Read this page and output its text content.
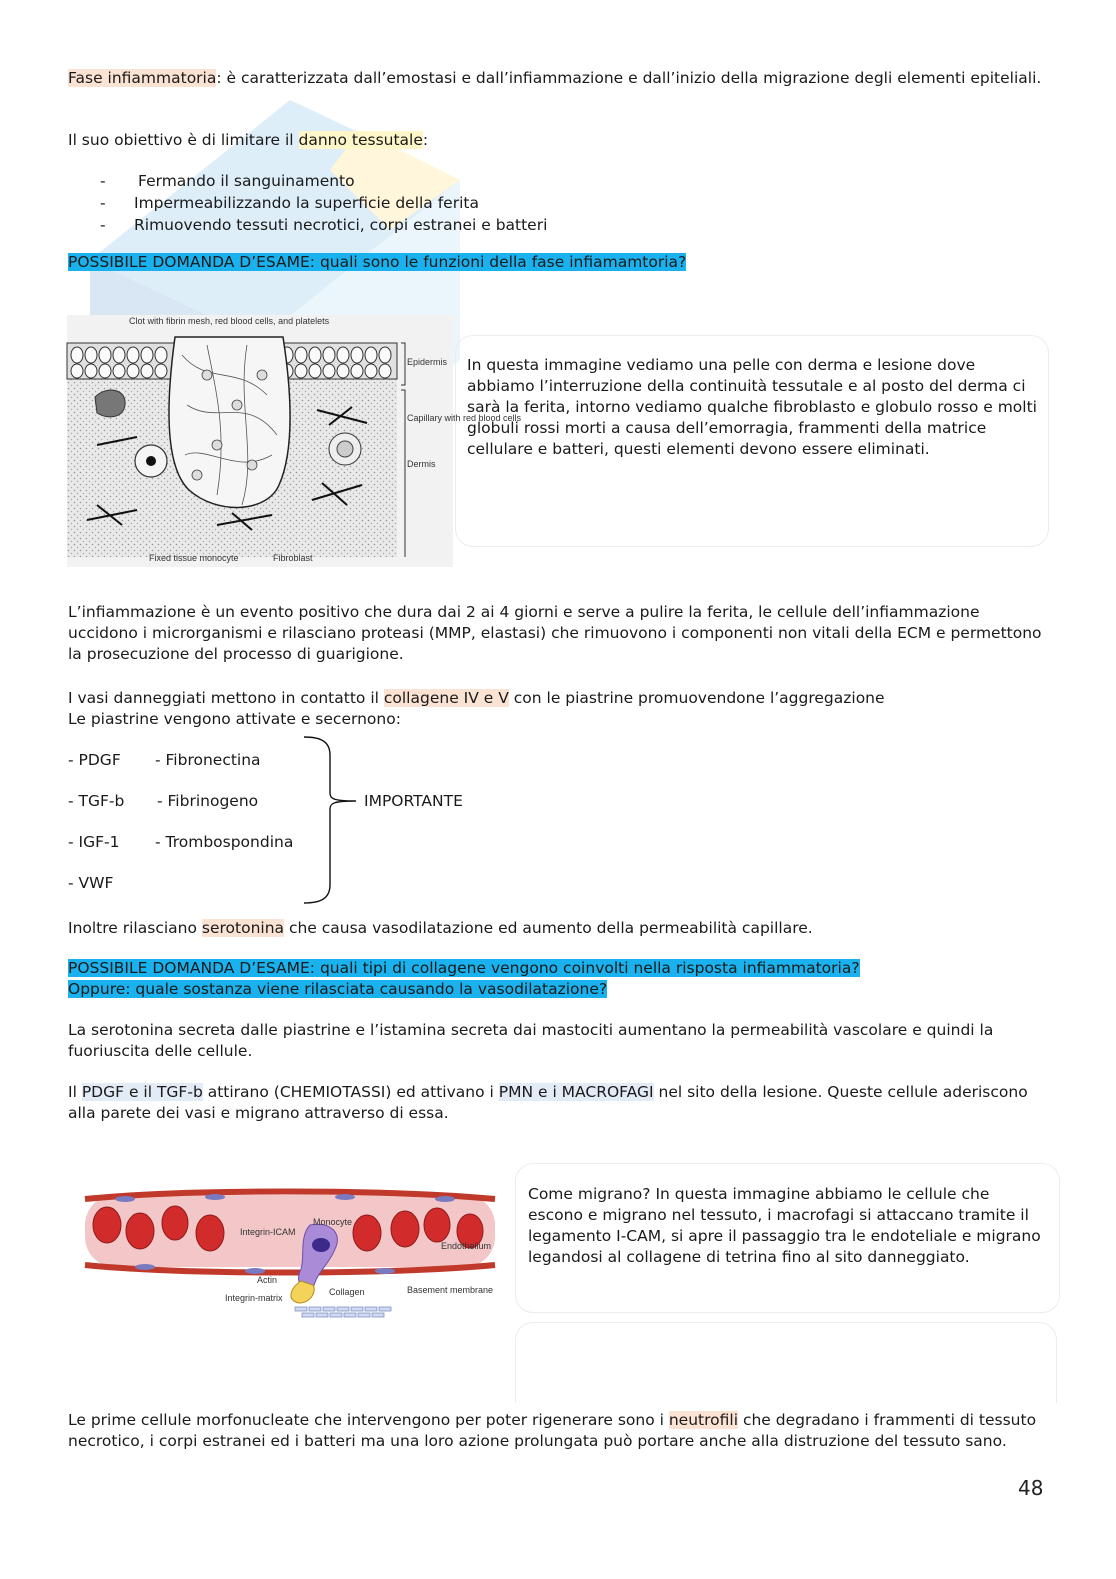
Fase infiammatoria: è caratterizzata dall’emostasi e dall’infiammazione e dall’inizio della migrazione degli elementi epiteliali.

Il suo obiettivo è di limitare il danno tessutale:

- Fermando il sanguinamento
- Impermeabilizzando la superficie della ferita
- Rimuovendo tessuti necrotici, corpi estranei e batteri

POSSIBILE DOMANDA D’ESAME: quali sono le funzioni della fase infiamamtoria?

Clot with fibrin mesh, red blood cells, and platelets
Epidermis
Capillary with red blood cells
Dermis
Fixed tissue monocyte	Fibroblast
In questa immagine vediamo una pelle con derma e lesione dove abbiamo l’interruzione della continuità tessutale e al posto del derma ci sarà la ferita, intorno vediamo qualche fibroblasto e globulo rosso e molti globuli rossi morti a causa dell’emorragia, frammenti della matrice cellulare e batteri, questi elementi devono essere eliminati.

L’infiammazione è un evento positivo che dura dai 2 ai 4 giorni e serve a pulire la ferita, le cellule dell’infiammazione uccidono i microrganismi e rilasciano proteasi (MMP, elastasi) che rimuovono i componenti non vitali della ECM e permettono la prosecuzione del processo di guarigione.

I vasi danneggiati mettono in contatto il collagene IV e V con le piastrine promuovendone l’aggregazione
Le piastrine vengono attivate e secernono:

- PDGF
- TGF-b
- IGF-1
- VWF
- Fibronectina
- Fibrinogeno
- Trombospondina
IMPORTANTE

Inoltre rilasciano serotonina che causa vasodilatazione ed aumento della permeabilità capillare.

POSSIBILE DOMANDA D’ESAME: quali tipi di collagene vengono coinvolti nella risposta infiammatoria?
Oppure: quale sostanza viene rilasciata causando la vasodilatazione?

La serotonina secreta dalle piastrine e l’istamina secreta dai mastociti aumentano la permeabilità vascolare e quindi la fuoriuscita delle cellule.

Il PDGF e il TGF-b attirano (CHEMIOTASSI) ed attivano i PMN e i MACROFAGI nel sito della lesione. Queste cellule aderiscono alla parete dei vasi e migrano attraverso di essa.

Integrin-ICAM
Monocyte
Endothelium
Actin
Integrin-matrix
Collagen	Basement membrane
Come migrano? In questa immagine abbiamo le cellule che escono e migrano nel tessuto, i macrofagi si attaccano tramite il legamento I-CAM, si apre il passaggio tra le endoteliale e migrano legandosi al collagene di tetrina fino al sito danneggiato.

Le prime cellule morfonucleate che intervengono per poter rigenerare sono i neutrofili che degradano i frammenti di tessuto necrotico, i corpi estranei ed i batteri ma una loro azione prolungata può portare anche alla distruzione del tessuto sano.

48
